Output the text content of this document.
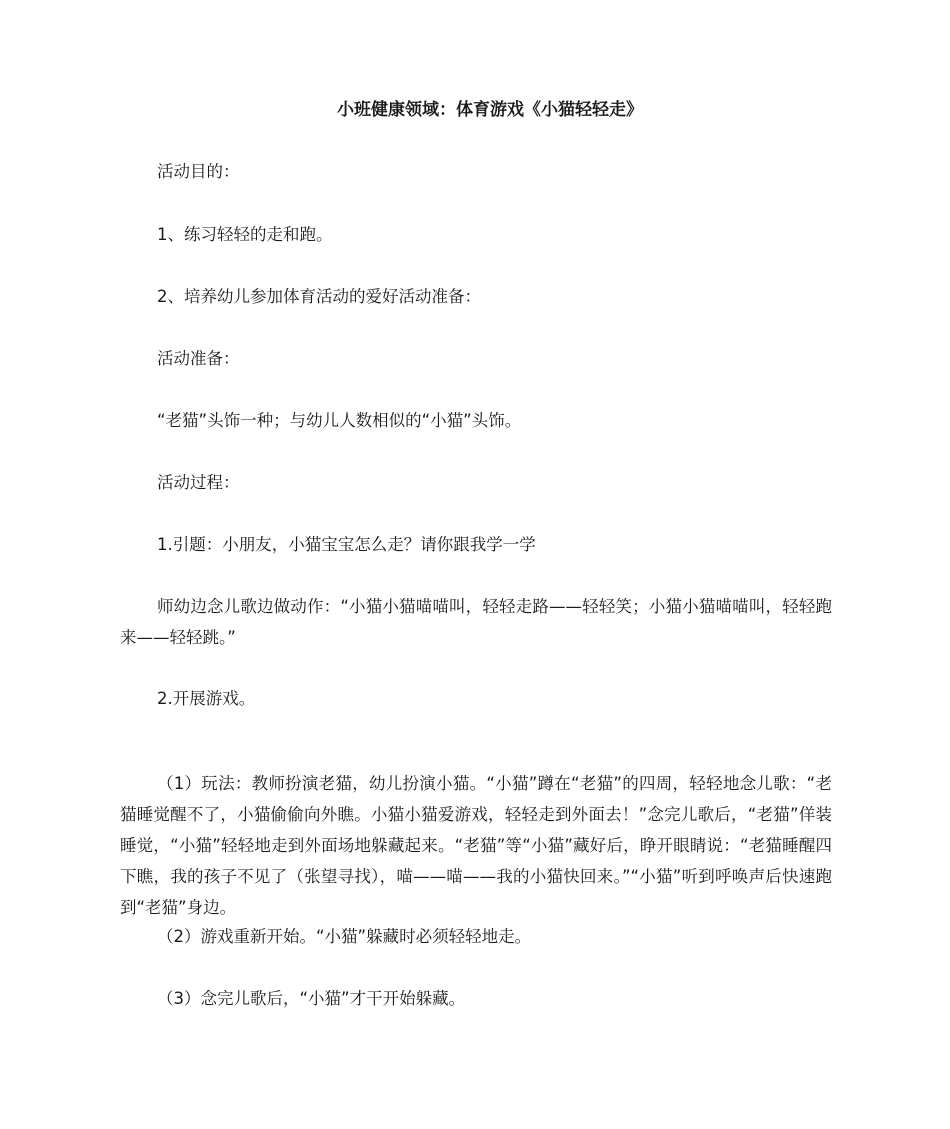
小班健康领域：体育游戏《小猫轻轻走》

活动目的：

1、练习轻轻的走和跑。

2、培养幼儿参加体育活动的爱好活动准备：

活动准备：

“老猫”头饰一种；与幼儿人数相似的“小猫”头饰。

活动过程：

1.引题：小朋友，小猫宝宝怎么走？请你跟我学一学

师幼边念儿歌边做动作：“小猫小猫喵喵叫，轻轻走路——轻轻笑；小猫小猫喵喵叫，轻轻跑来——轻轻跳。”

2.开展游戏。

（1）玩法：教师扮演老猫，幼儿扮演小猫。“小猫”蹲在“老猫”的四周，轻轻地念儿歌：“老猫睡觉醒不了，小猫偷偷向外瞧。小猫小猫爱游戏，轻轻走到外面去！”念完儿歌后，“老猫”佯装睡觉，“小猫”轻轻地走到外面场地躲藏起来。“老猫”等“小猫”藏好后，睁开眼睛说：“老猫睡醒四下瞧，我的孩子不见了（张望寻找），喵——喵——我的小猫快回来。”“小猫”听到呼唤声后快速跑到“老猫”身边。

（2）游戏重新开始。“小猫”躲藏时必须轻轻地走。

（3）念完儿歌后，“小猫”才干开始躲藏。
